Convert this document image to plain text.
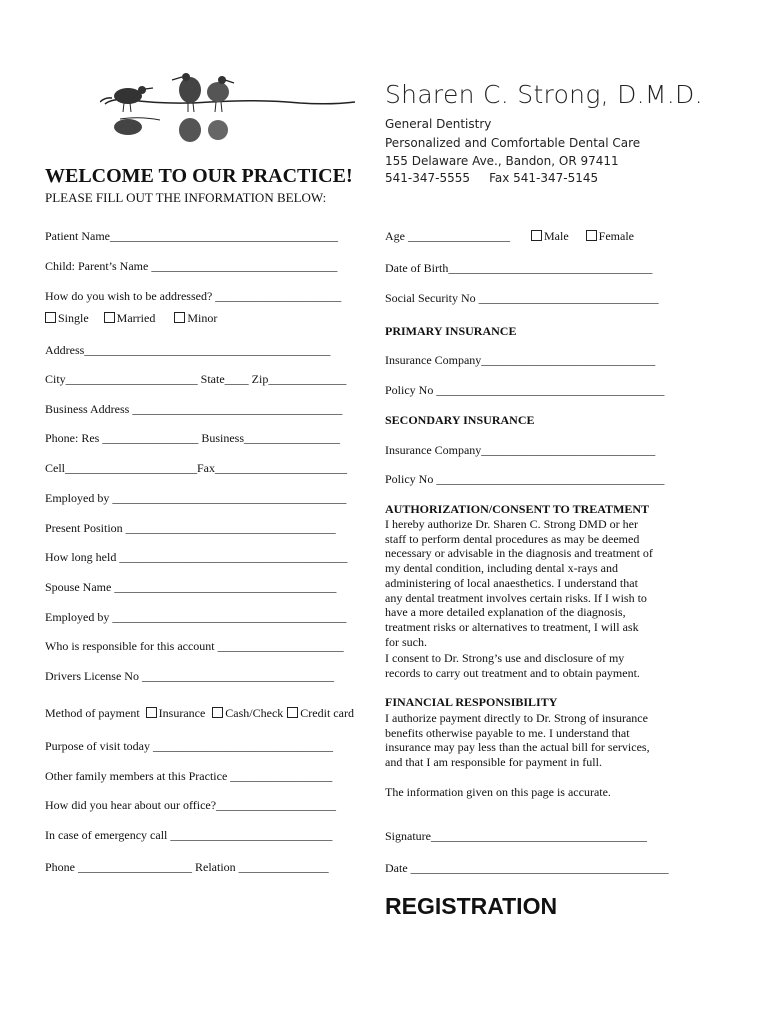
Sharen C. Strong, D.M.D.
General Dentistry
Personalized and Comfortable Dental Care
155 Delaware Ave., Bandon, OR 97411
541-347-5555     Fax 541-347-5145
WELCOME TO OUR PRACTICE!
PLEASE FILL OUT THE INFORMATION BELOW:
Patient Name______________________________________
Child: Parent’s Name _______________________________
How do you wish to be addressed? _____________________
Single Married	Minor
Address_________________________________________
City______________________ State____ Zip_____________
Business Address ___________________________________
Phone: Res ________________ Business________________
Cell______________________Fax______________________
Employed by _______________________________________
Present Position ___________________________________
How long held ______________________________________
Spouse Name _____________________________________
Employed by _______________________________________
Who is responsible for this account _____________________
Drivers License No ________________________________
Method of payment Insurance Cash/Check Credit card
Purpose of visit today ______________________________
Other family members at this Practice _________________
How did you hear about our office?____________________
In case of emergency call ___________________________
Phone ___________________ Relation _______________
Age _________________	Male	Female
Date of Birth__________________________________
Social Security No ______________________________
PRIMARY INSURANCE
Insurance Company_____________________________
Policy No ______________________________________
SECONDARY INSURANCE
Insurance Company_____________________________
Policy No ______________________________________
AUTHORIZATION/CONSENT TO TREATMENT
I hereby authorize Dr. Sharen C. Strong DMD or her staff to perform dental procedures as may be deemed necessary or advisable in the diagnosis and treatment of my dental condition, including dental x-rays and administering of local anaesthetics. I understand that any dental treatment involves certain risks. If I wish to have a more detailed explanation of the diagnosis, treatment risks or alternatives to treatment, I will ask for such.
I consent to Dr. Strong’s use and disclosure of my records to carry out treatment and to obtain payment.
FINANCIAL RESPONSIBILITY
I authorize payment directly to Dr. Strong of insurance benefits otherwise payable to me. I understand that insurance may pay less than the actual bill for services, and that I am responsible for payment in full.
The information given on this page is accurate.
Signature____________________________________
Date ___________________________________________
REGISTRATION
